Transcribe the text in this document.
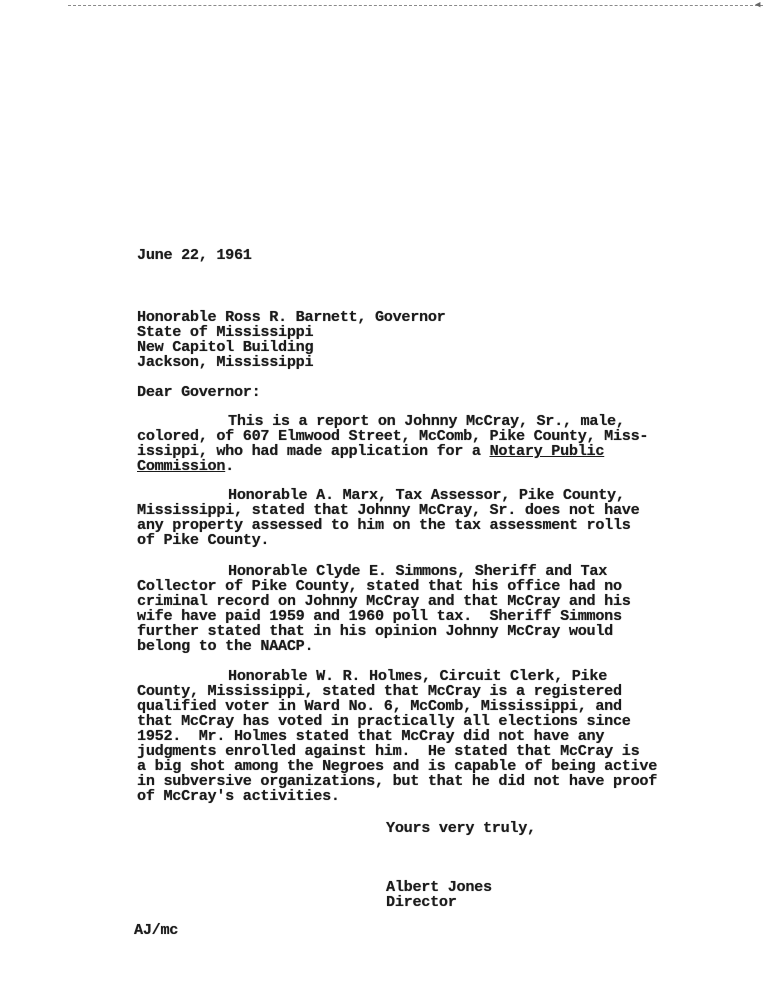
◀
June 22, 1961
Honorable Ross R. Barnett, Governor
State of Mississippi
New Capitol Building
Jackson, Mississippi
Dear Governor:
This is a report on Johnny McCray, Sr., male,
colored, of 607 Elmwood Street, McComb, Pike County, Miss-
issippi, who had made application for a Notary Public
Commission.
Honorable A. Marx, Tax Assessor, Pike County,
Mississippi, stated that Johnny McCray, Sr. does not have
any property assessed to him on the tax assessment rolls
of Pike County.
Honorable Clyde E. Simmons, Sheriff and Tax
Collector of Pike County, stated that his office had no
criminal record on Johnny McCray and that McCray and his
wife have paid 1959 and 1960 poll tax.  Sheriff Simmons
further stated that in his opinion Johnny McCray would
belong to the NAACP.
Honorable W. R. Holmes, Circuit Clerk, Pike
County, Mississippi, stated that McCray is a registered
qualified voter in Ward No. 6, McComb, Mississippi, and
that McCray has voted in practically all elections since
1952.  Mr. Holmes stated that McCray did not have any
judgments enrolled against him.  He stated that McCray is
a big shot among the Negroes and is capable of being active
in subversive organizations, but that he did not have proof
of McCray's activities.
Yours very truly,
Albert Jones
Director
AJ/mc
